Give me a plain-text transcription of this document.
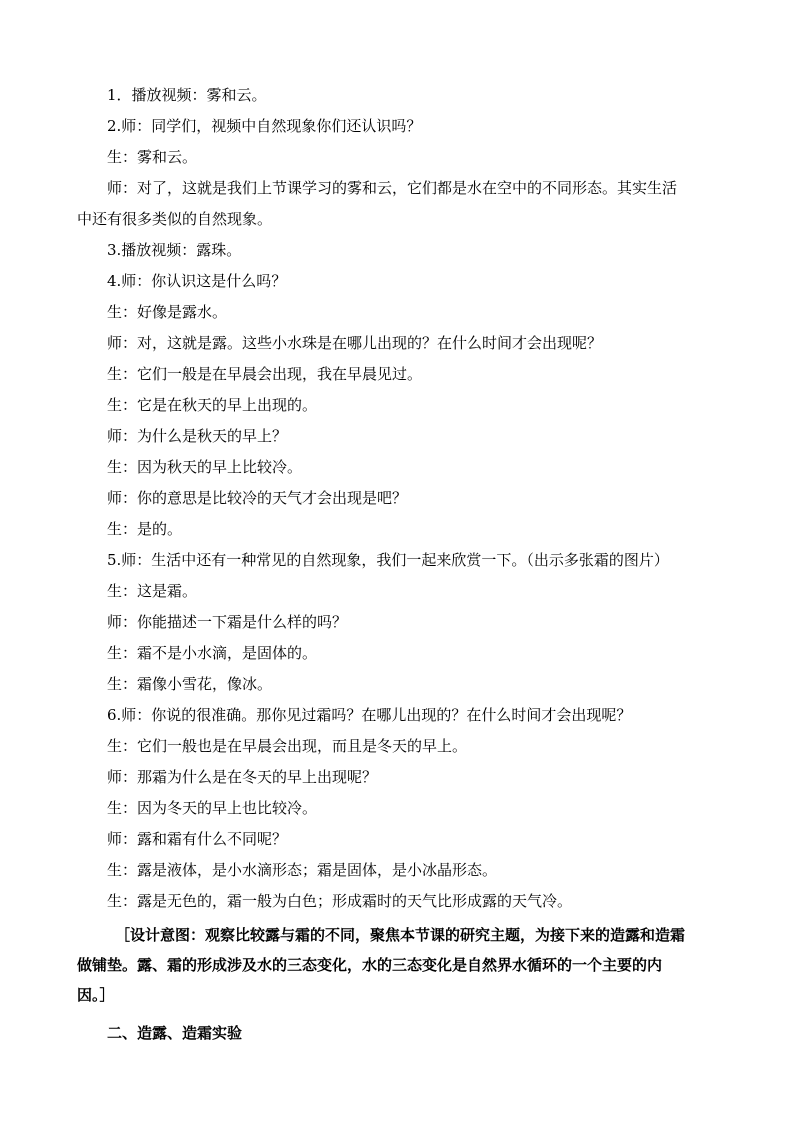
1．播放视频：雾和云。
2.师：同学们，视频中自然现象你们还认识吗？
生：雾和云。
师：对了，这就是我们上节课学习的雾和云，它们都是水在空中的不同形态。其实生活
中还有很多类似的自然现象。
3.播放视频：露珠。
4.师：你认识这是什么吗？
生：好像是露水。
师：对，这就是露。这些小水珠是在哪儿出现的？在什么时间才会出现呢？
生：它们一般是在早晨会出现，我在早晨见过。
生：它是在秋天的早上出现的。
师：为什么是秋天的早上？
生：因为秋天的早上比较冷。
师：你的意思是比较冷的天气才会出现是吧？
生：是的。
5.师：生活中还有一种常见的自然现象，我们一起来欣赏一下。（出示多张霜的图片）
生：这是霜。
师：你能描述一下霜是什么样的吗？
生：霜不是小水滴，是固体的。
生：霜像小雪花，像冰。
6.师：你说的很准确。那你见过霜吗？在哪儿出现的？在什么时间才会出现呢？
生：它们一般也是在早晨会出现，而且是冬天的早上。
师：那霜为什么是在冬天的早上出现呢？
生：因为冬天的早上也比较冷。
师：露和霜有什么不同呢？
生：露是液体，是小水滴形态；霜是固体，是小冰晶形态。
生：露是无色的，霜一般为白色；形成霜时的天气比形成露的天气冷。
［设计意图：观察比较露与霜的不同，聚焦本节课的研究主题，为接下来的造露和造霜
做铺垫。露、霜的形成涉及水的三态变化，水的三态变化是自然界水循环的一个主要的内
因。］
二、造露、造霜实验
